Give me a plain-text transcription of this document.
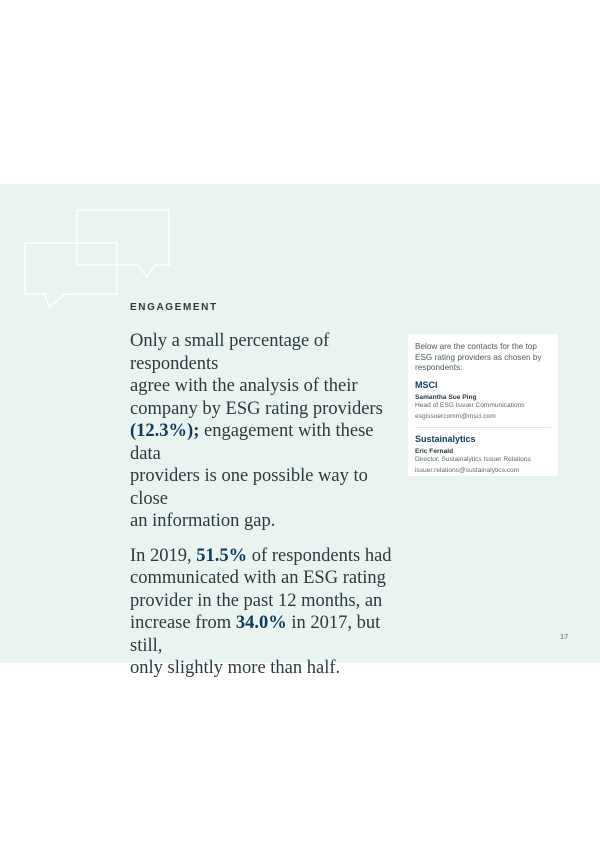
ENGAGEMENT

Only a small percentage of respondents
agree with the analysis of their
company by ESG rating providers
(12.3%); engagement with these data
providers is one possible way to close
an information gap.

In 2019, 51.5% of respondents had
communicated with an ESG rating
provider in the past 12 months, an
increase from 34.0% in 2017, but still,
only slightly more than half.

Below are the contacts for the top ESG rating providers as chosen by respondents:
MSCI
Samantha Sue Ping
Head of ESG Issuer Communications
esgissuercomm@msci.com
Sustainalytics
Eric Fernald
Director, Sustainalytics Issuer Relations
issuer.relations@sustainalytics.com
17
